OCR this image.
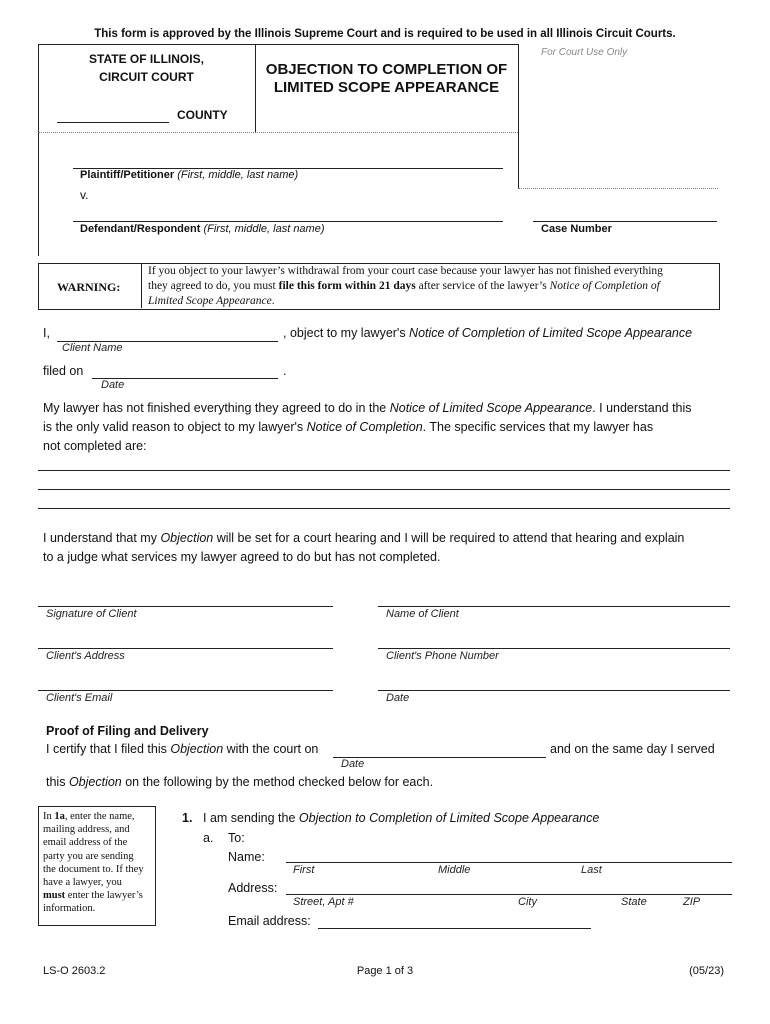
This form is approved by the Illinois Supreme Court and is required to be used in all Illinois Circuit Courts.
STATE OF ILLINOIS,
CIRCUIT COURT
COUNTY
OBJECTION TO COMPLETION OF
LIMITED SCOPE APPEARANCE
For Court Use Only
Plaintiff/Petitioner (First, middle, last name)
v.
Defendant/Respondent (First, middle, last name)	Case Number
WARNING:
If you object to your lawyer’s withdrawal from your court case because your lawyer has not finished everything
they agreed to do, you must file this form within 21 days after service of the lawyer’s Notice of Completion of
Limited Scope Appearance.
I,	, object to my lawyer's Notice of Completion of Limited Scope Appearance
Client Name
filed on	.
Date
My lawyer has not finished everything they agreed to do in the Notice of Limited Scope Appearance. I understand this
is the only valid reason to object to my lawyer's Notice of Completion. The specific services that my lawyer has
not completed are:
I understand that my Objection will be set for a court hearing and I will be required to attend that hearing and explain
to a judge what services my lawyer agreed to do but has not completed.
Signature of Client	Name of Client
Client's Address	Client's Phone Number
Client's Email	Date
Proof of Filing and Delivery
I certify that I filed this Objection with the court on	and on the same day I served
Date
this Objection on the following by the method checked below for each.
In 1a, enter the name,
mailing address, and
email address of the
party you are sending
the document to. If they
have a lawyer, you
must enter the lawyer’s
information.
1. I am sending the Objection to Completion of Limited Scope Appearance
a. To:
Name:
First	Middle	Last
Address:
Street, Apt #	City	State	ZIP
Email address:
LS-O 2603.2	Page 1 of 3	(05/23)
